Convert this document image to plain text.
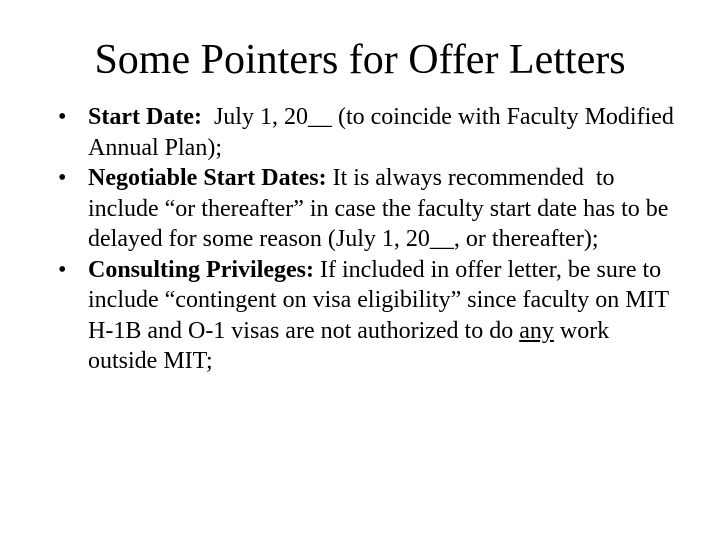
Some Pointers for Offer Letters
• Start Date:  July 1, 20__ (to coincide with Faculty Modified Annual Plan);
• Negotiable Start Dates: It is always recommended  to include “or thereafter” in case the faculty start date has to be delayed for some reason (July 1, 20__, or thereafter);
• Consulting Privileges: If included in offer letter, be sure to include “contingent on visa eligibility” since faculty on MIT H-1B and O-1 visas are not authorized to do any work outside MIT;
